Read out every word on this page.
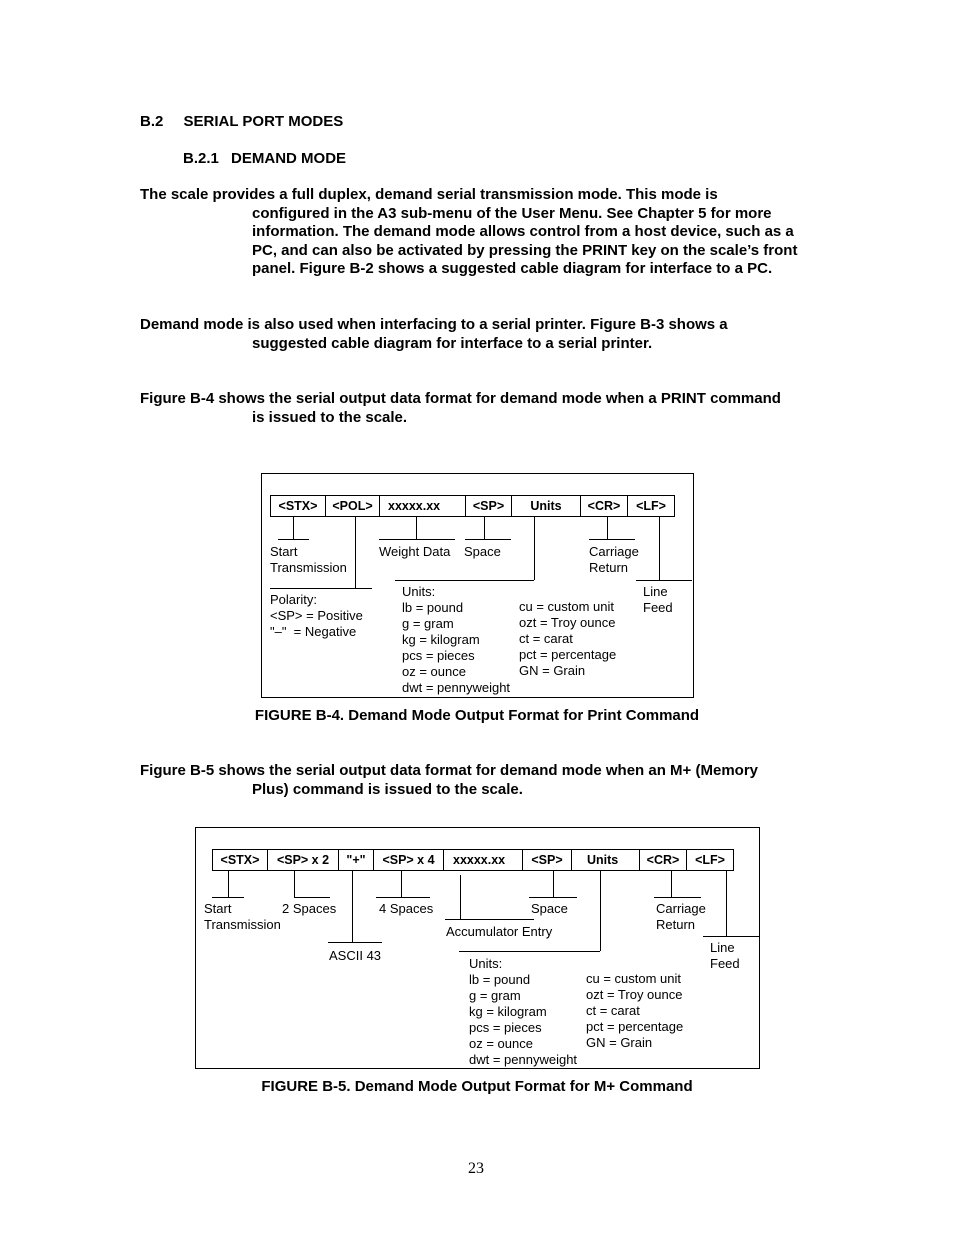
B.2 SERIAL PORT MODES
B.2.1 DEMAND MODE
The scale provides a full duplex, demand serial transmission mode. This mode is
configured in the A3 sub-menu of the User Menu. See Chapter 5 for more information. The demand mode allows control from a host device, such as a PC, and can also be activated by pressing the PRINT key on the scale’s front panel. Figure B-2 shows a suggested cable diagram for interface to a PC.
Demand mode is also used when interfacing to a serial printer. Figure B-3 shows a
suggested cable diagram for interface to a serial printer.
Figure B-4 shows the serial output data format for demand mode when a PRINT command
is issued to the scale.
<STX>	<POL>	xxxxx.xx	<SP>	Units	<CR>	<LF>
Start
Transmission
Weight Data Space	Carriage
Return
Line
Feed
Polarity:
<SP> = Positive
"–"  = Negative
Units:
lb = pound
g = gram
kg = kilogram
pcs = pieces
oz = ounce
dwt = pennyweight
cu = custom unit
ozt = Troy ounce
ct = carat
pct = percentage
GN = Grain
FIGURE B-4. Demand Mode Output Format for Print Command
Figure B-5 shows the serial output data format for demand mode when an M+ (Memory
Plus) command is issued to the scale.
<STX>	<SP> x 2	"+"	<SP> x 4	xxxxx.xx	<SP>	Units	<CR>	<LF>
Start
Transmission
2 Spaces	4 Spaces	Space	Carriage
Return
Accumulator Entry
ASCII 43
Line
Feed
Units:
lb = pound
g = gram
kg = kilogram
pcs = pieces
oz = ounce
dwt = pennyweight
cu = custom unit
ozt = Troy ounce
ct = carat
pct = percentage
GN = Grain
FIGURE B-5. Demand Mode Output Format for M+ Command
23
